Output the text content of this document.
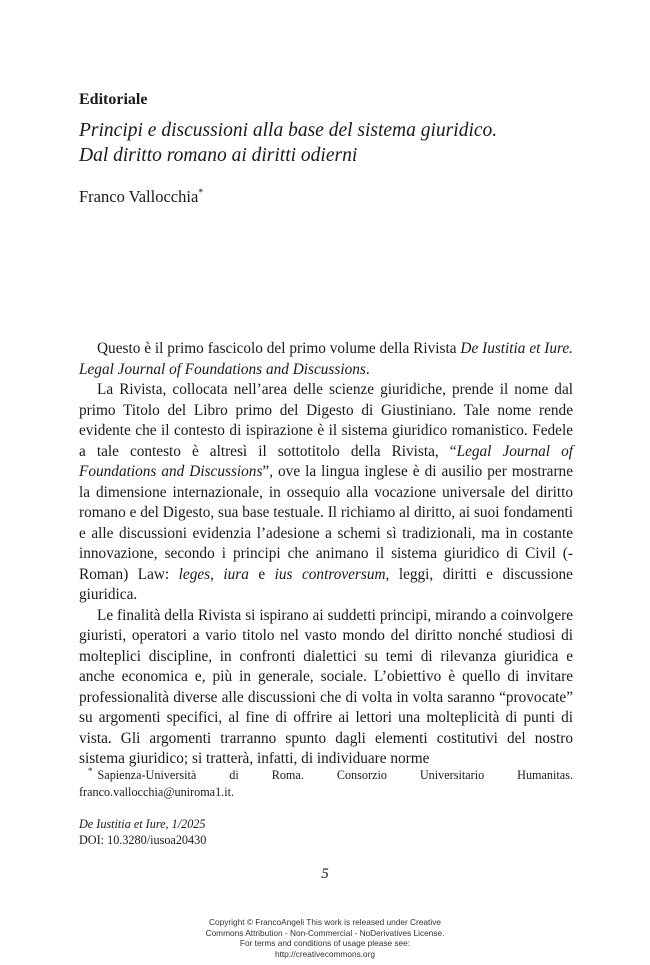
Editoriale
Principi e discussioni alla base del sistema giuridico.
Dal diritto romano ai diritti odierni
Franco Vallocchia*

Questo è il primo fascicolo del primo volume della Rivista De Iustitia et Iure. Legal Journal of Foundations and Discussions.

La Rivista, collocata nell’area delle scienze giuridiche, prende il nome dal primo Titolo del Libro primo del Digesto di Giustiniano. Tale nome rende evidente che il contesto di ispirazione è il sistema giuridico romanistico. Fedele a tale contesto è altresì il sottotitolo della Rivista, “Legal Journal of Foundations and Discussions”, ove la lingua inglese è di ausilio per mostrarne la dimensione internazionale, in ossequio alla vocazione universale del diritto romano e del Digesto, sua base testuale. Il richiamo al diritto, ai suoi fondamenti e alle discussioni evidenzia l’adesione a schemi sì tradizionali, ma in costante innovazione, secondo i principi che animano il sistema giuridico di Civil (-Roman) Law: leges, iura e ius controversum, leggi, diritti e discussione giuridica.

Le finalità della Rivista si ispirano ai suddetti principi, mirando a coinvolgere giuristi, operatori a vario titolo nel vasto mondo del diritto nonché studiosi di molteplici discipline, in confronti dialettici su temi di rilevanza giuridica e anche economica e, più in generale, sociale. L’obiettivo è quello di invitare professionalità diverse alle discussioni che di volta in volta saranno “provocate” su argomenti specifici, al fine di offrire ai lettori una molteplicità di punti di vista. Gli argomenti trarranno spunto dagli elementi costitutivi del nostro sistema giuridico; si tratterà, infatti, di individuare norme

* Sapienza-Università di Roma. Consorzio Universitario Humanitas. franco.vallocchia@uniroma1.it.
De Iustitia et Iure, 1/2025
DOI: 10.3280/iusoa20430
5
Copyright © FrancoAngeli This work is released under Creative
Commons Attribution - Non-Commercial - NoDerivatives License.
For terms and conditions of usage please see:
http://creativecommons.org
